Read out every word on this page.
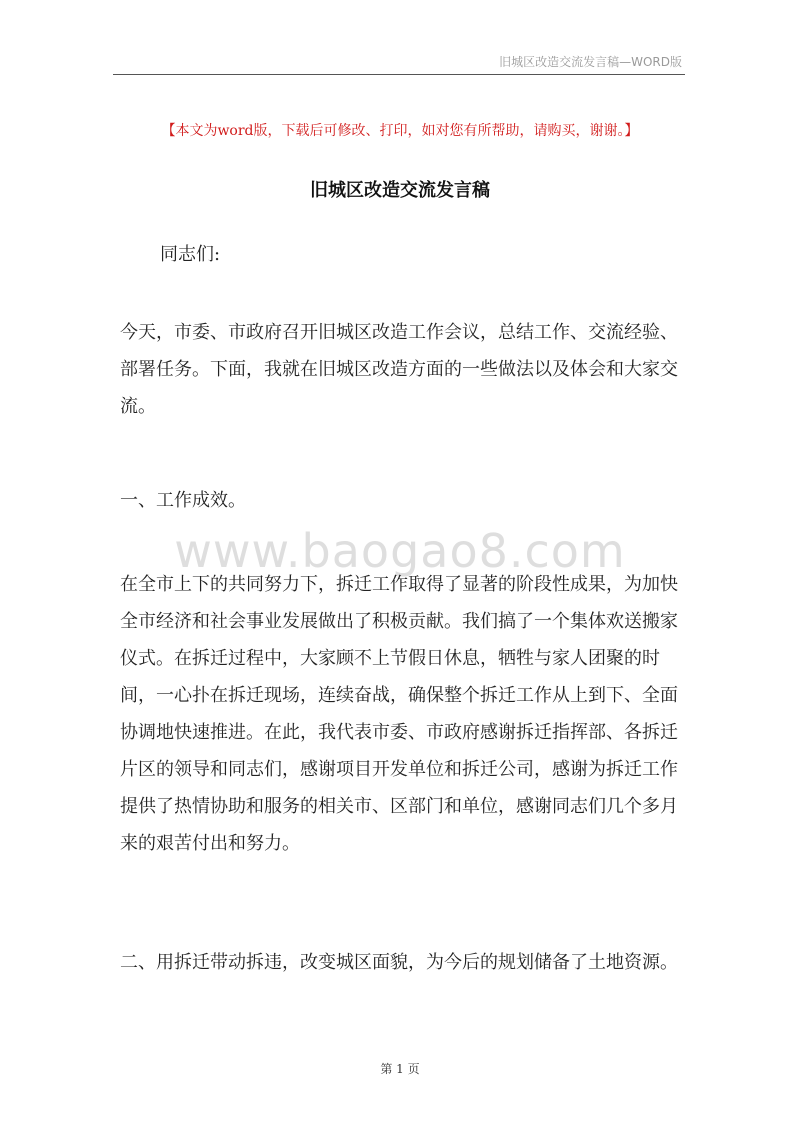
旧城区改造交流发言稿—WORD版
【本文为word版，下载后可修改、打印，如对您有所帮助，请购买，谢谢。】
旧城区改造交流发言稿
同志们:
今天，市委、市政府召开旧城区改造工作会议，总结工作、交流经验、部署任务。下面，我就在旧城区改造方面的一些做法以及体会和大家交流。
一、工作成效。
www.baogao8.com
在全市上下的共同努力下，拆迁工作取得了显著的阶段性成果，为加快全市经济和社会事业发展做出了积极贡献。我们搞了一个集体欢送搬家仪式。在拆迁过程中，大家顾不上节假日休息，牺牲与家人团聚的时间，一心扑在拆迁现场，连续奋战，确保整个拆迁工作从上到下、全面协调地快速推进。在此，我代表市委、市政府感谢拆迁指挥部、各拆迁片区的领导和同志们，感谢项目开发单位和拆迁公司，感谢为拆迁工作提供了热情协助和服务的相关市、区部门和单位，感谢同志们几个多月来的艰苦付出和努力。
二、用拆迁带动拆违，改变城区面貌，为今后的规划储备了土地资源。
第 1 页
